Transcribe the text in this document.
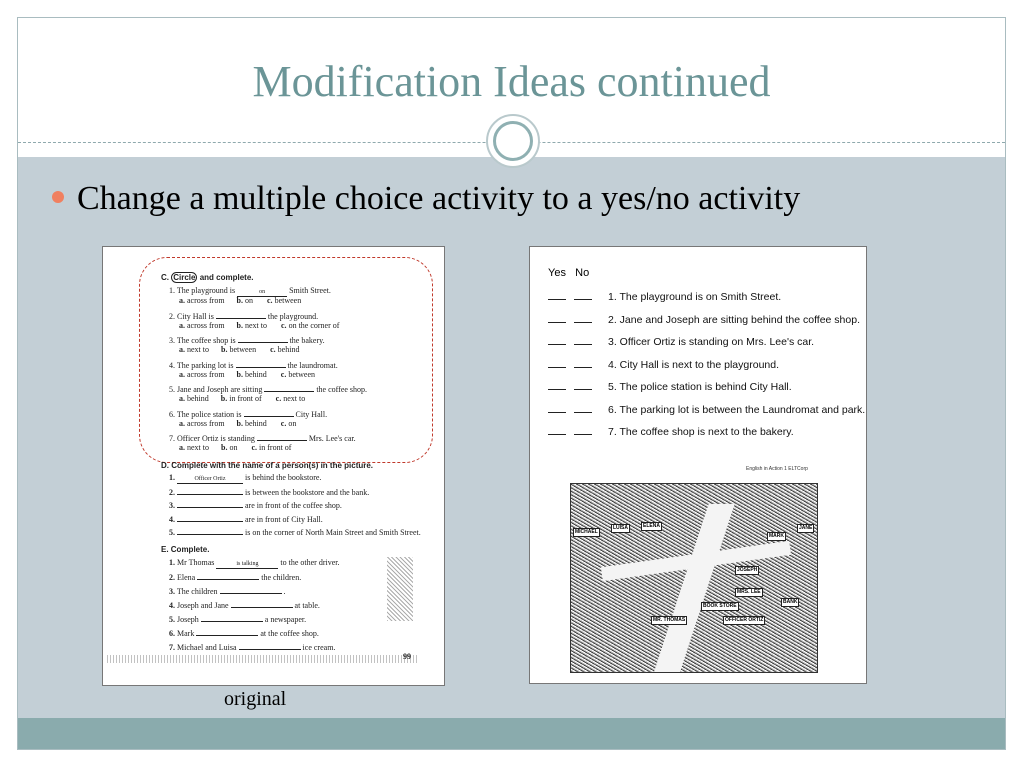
Modification Ideas continued
Change a multiple choice activity to a yes/no activity
C. Circle and complete.
D. Complete with the name of a person(s) in the picture.
E. Complete.
99
1. The playground is	on	Smith Street.
a. across from      b. on       c. between
2. City Hall is	the playground.
a. across from      b. next to       c. on the corner of
3. The coffee shop is	the bakery.
a. next to      b. between       c. behind
4. The parking lot is	the laundromat.
a. across from      b. behind       c. between
5. Jane and Joseph are sitting	the coffee shop.
a. behind      b. in front of       c. next to
6. The police station is	City Hall.
a. across from      b. behind       c. on
7. Officer Ortiz is standing	Mrs. Lee's car.
a. next to      b. on       c. in front of
1.	Officer Ortiz is behind the bookstore.
2.	is between the bookstore and the bank.
3.	are in front of the coffee shop.
4.	are in front of City Hall.
5.	is on the corner of North Main Street and Smith Street.
1. Mr Thomas	is talking to the other driver.
2. Elena	the children.
3. The children	.
4. Joseph and Jane	at table.
5. Joseph	a newspaper.
6. Mark	at the coffee shop.
7. Michael and Luisa	ice cream.
Yes No
English in Action 1 ELTCorp
MICHAEL
LUISA	ELENA	JANE
MARK
JOSEPH
MRS. LEE
MR. THOMAS
BOOK STORE
OFFICER ORTIZ
BANK
1. The playground is on Smith Street.
2. Jane and Joseph are sitting behind the coffee shop.
3. Officer Ortiz is standing on Mrs. Lee's car.
4. City Hall is next to the playground.
5. The police station is behind City Hall.
6. The parking lot is between the Laundromat and park.
7. The coffee shop is next to the bakery.
original
